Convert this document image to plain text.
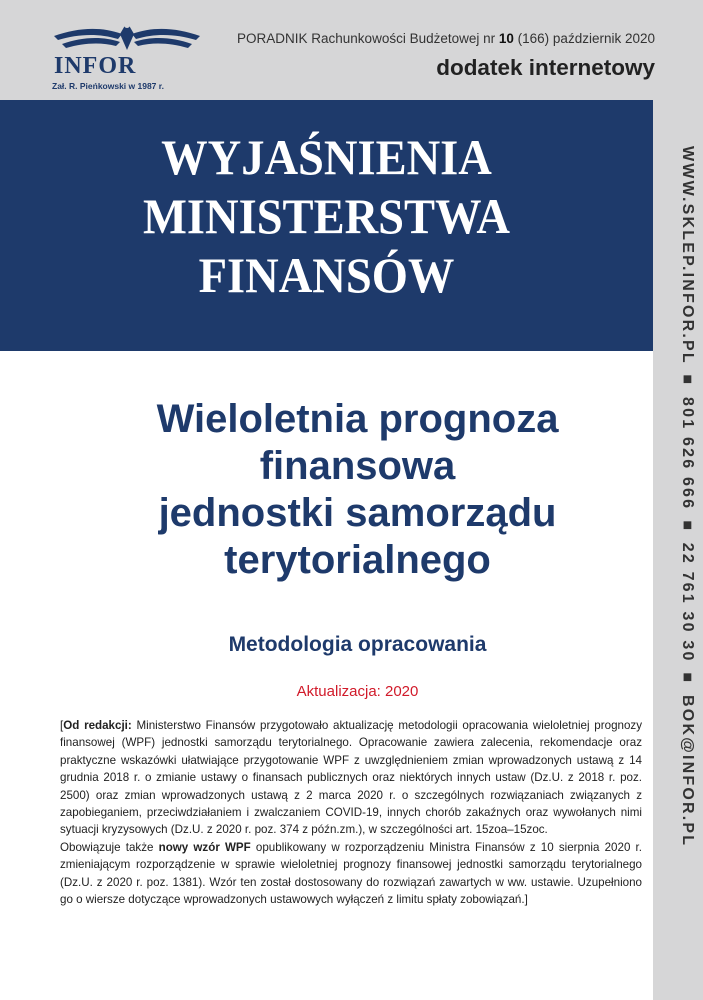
INFOR
Zał. R. Pieńkowski w 1987 r.
PORADNIK Rachunkowości Budżetowej nr 10 (166) październik 2020
dodatek internetowy
WYJAŚNIENIA
MINISTERSTWA
FINANSÓW	WWW.SKLEP.INFOR.PL ■ 801 626 666 ■ 22 761 30 30 ■ BOK@INFOR.PL
Wieloletnia prognoza
finansowa
jednostki samorządu
terytorialnego
Metodologia opracowania
Aktualizacja: 2020

[Od redakcji: Ministerstwo Finansów przygotowało aktualizację metodologii opracowania wieloletniej prognozy finansowej (WPF) jednostki samorządu terytorialnego. Opracowanie zawiera zalecenia, rekomendacje oraz praktyczne wskazówki ułatwiające przygotowanie WPF z uwzględnieniem zmian wprowadzonych ustawą z 14 grudnia 2018 r. o zmianie ustawy o finansach publicznych oraz niektórych innych ustaw (Dz.U. z 2018 r. poz. 2500) oraz zmian wprowadzonych ustawą z 2 marca 2020 r. o szczególnych rozwiązaniach związanych z zapobieganiem, przeciwdziałaniem i zwalczaniem COVID-19, innych chorób zakaźnych oraz wywołanych nimi sytuacji kryzysowych (Dz.U. z 2020 r. poz. 374 z późn.zm.), w szczególności art. 15zoa–15zoc.

Obowiązuje także nowy wzór WPF opublikowany w rozporządzeniu Ministra Finansów z 10 sierpnia 2020 r. zmieniającym rozporządzenie w sprawie wieloletniej prognozy finansowej jednostki samorządu terytorialnego (Dz.U. z 2020 r. poz. 1381). Wzór ten został dostosowany do rozwiązań zawartych w ww. ustawie. Uzupełniono go o wiersze dotyczące wprowadzonych ustawowych wyłączeń z limitu spłaty zobowiązań.]
